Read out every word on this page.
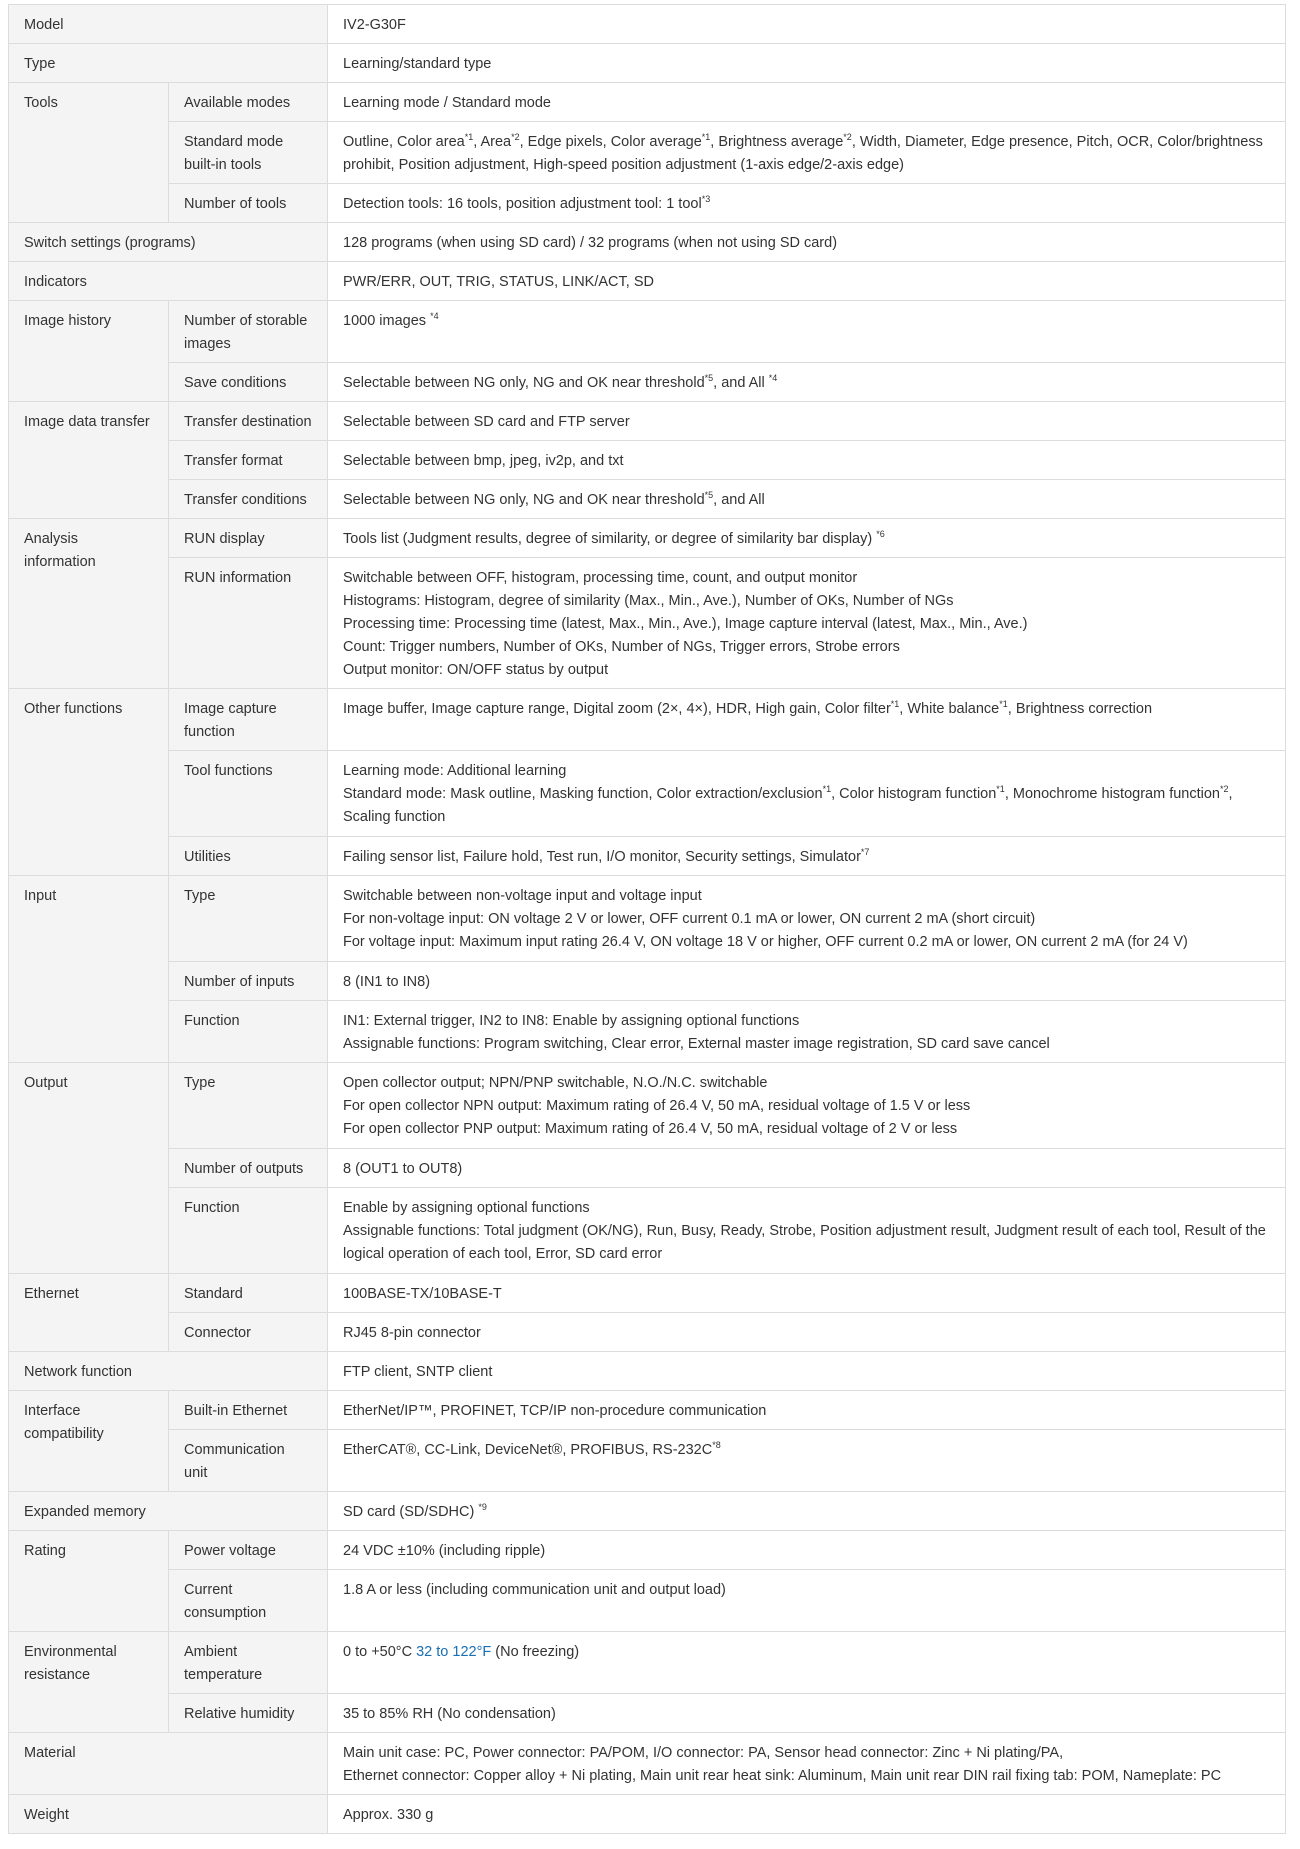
Model		IV2-G30F

Type		Learning/standard type

Tools	Available modes	Learning mode / Standard mode

	Standard mode built-in tools	Outline, Color area$^{*1}$, Area$^{*2}$, Edge pixels, Color average$^{*1}$, Brightness average$^{*2}$, Width, Diameter, Edge presence, Pitch, OCR, Color/brightness prohibit, Position adjustment, High-speed position adjustment (1-axis edge/2-axis edge)

	Number of tools	Detection tools: 16 tools, position adjustment tool: 1 tool$^{*3}$

Switch settings (programs)		128 programs (when using SD card) / 32 programs (when not using SD card)

Indicators		PWR/ERR, OUT, TRIG, STATUS, LINK/ACT, SD

Image history	Number of storable images	1000 images $^{*4}$

	Save conditions	Selectable between NG only, NG and OK near threshold$^{*5}$, and All $^{*4}$

Image data transfer	Transfer destination	Selectable between SD card and FTP server

	Transfer format	Selectable between bmp, jpeg, iv2p, and txt

	Transfer conditions	Selectable between NG only, NG and OK near threshold$^{*5}$, and All

Analysis information	RUN display	Tools list (Judgment results, degree of similarity, or degree of similarity bar display) $^{*6}$

	RUN information	Switchable between OFF, histogram, processing time, count, and output monitor
Histograms: Histogram, degree of similarity (Max., Min., Ave.), Number of OKs, Number of NGs
Processing time: Processing time (latest, Max., Min., Ave.), Image capture interval (latest, Max., Min., Ave.)
Count: Trigger numbers, Number of OKs, Number of NGs, Trigger errors, Strobe errors
Output monitor: ON/OFF status by output

Other functions	Image capture function	Image buffer, Image capture range, Digital zoom (2×, 4×), HDR, High gain, Color filter$^{*1}$, White balance$^{*1}$, Brightness correction

	Tool functions	Learning mode: Additional learning
Standard mode: Mask outline, Masking function, Color extraction/exclusion$^{*1}$, Color histogram function$^{*1}$, Monochrome histogram function$^{*2}$, Scaling function

	Utilities	Failing sensor list, Failure hold, Test run, I/O monitor, Security settings, Simulator$^{*7}$

Input	Type	Switchable between non-voltage input and voltage input
For non-voltage input: ON voltage 2 V or lower, OFF current 0.1 mA or lower, ON current 2 mA (short circuit)
For voltage input: Maximum input rating 26.4 V, ON voltage 18 V or higher, OFF current 0.2 mA or lower, ON current 2 mA (for 24 V)

	Number of inputs	8 (IN1 to IN8)

	Function	IN1: External trigger, IN2 to IN8: Enable by assigning optional functions
Assignable functions: Program switching, Clear error, External master image registration, SD card save cancel

Output	Type	Open collector output; NPN/PNP switchable, N.O./N.C. switchable
For open collector NPN output: Maximum rating of 26.4 V, 50 mA, residual voltage of 1.5 V or less
For open collector PNP output: Maximum rating of 26.4 V, 50 mA, residual voltage of 2 V or less

	Number of outputs	8 (OUT1 to OUT8)

	Function	Enable by assigning optional functions
Assignable functions: Total judgment (OK/NG), Run, Busy, Ready, Strobe, Position adjustment result, Judgment result of each tool, Result of the logical operation of each tool, Error, SD card error

Ethernet	Standard	100BASE-TX/10BASE-T

	Connector	RJ45 8-pin connector

Network function		FTP client, SNTP client

Interface compatibility	Built-in Ethernet	EtherNet/IP™, PROFINET, TCP/IP non-procedure communication

	Communication unit	EtherCAT®, CC-Link, DeviceNet®, PROFIBUS, $RS-232C^{*8}$

Expanded memory		SD card (SD/SDHC) $^{*9}$

Rating	Power voltage	24 VDC ±10% (including ripple)

	Current consumption	1.8 A or less (including communication unit and output load)

Environmental resistance	Ambient temperature	0 to +50°C 32 to 122°F (No freezing)

	Relative humidity	35 to 85% RH (No condensation)

Material		Main unit case: PC, Power connector: PA/POM, I/O connector: PA, Sensor head connector: Zinc + Ni plating/PA,
Ethernet connector: Copper alloy + Ni plating, Main unit rear heat sink: Aluminum, Main unit rear DIN rail fixing tab: POM, Nameplate: PC

Weight		Approx. 330 g
